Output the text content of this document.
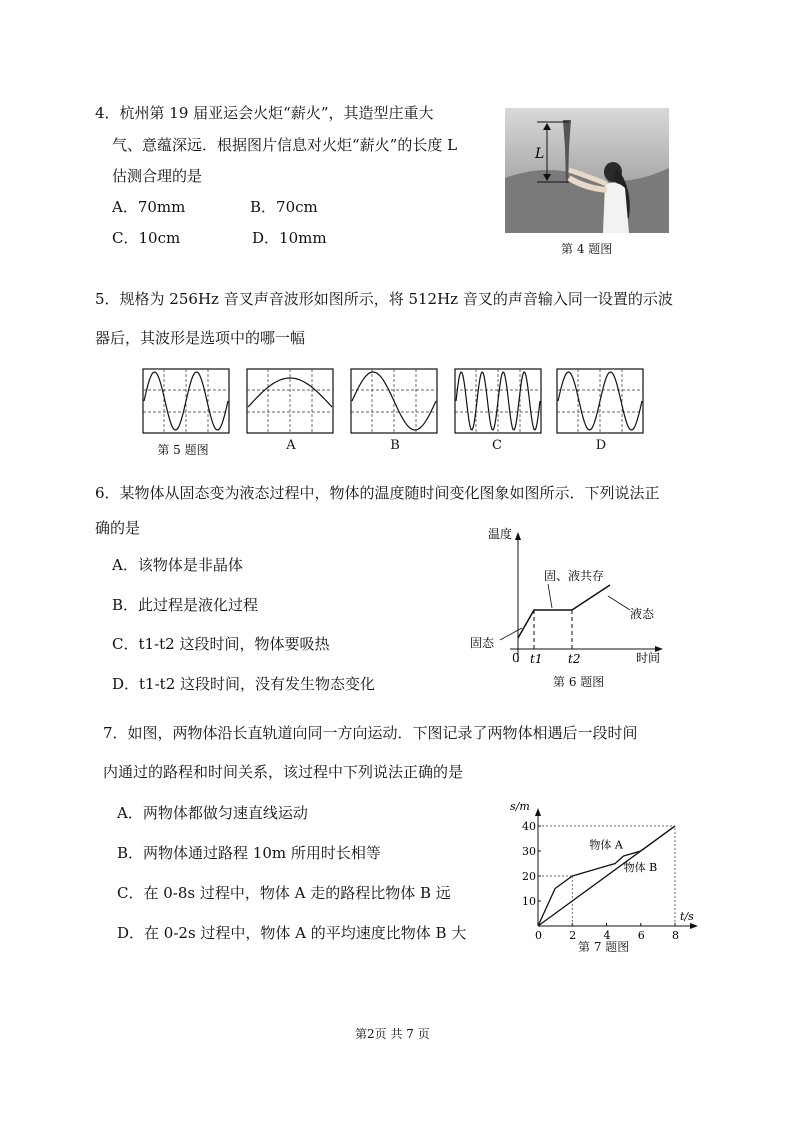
4．杭州第 19 届亚运会火炬“薪火”，其造型庄重大
气、意蕴深远．根据图片信息对火炬“薪火”的长度 L
估测合理的是
A．70mm	B．70cm
C．10cm	D．10mm
L
第 4 题图
5．规格为 256Hz 音叉声音波形如图所示，将 512Hz 音叉的声音输入同一设置的示波
器后，其波形是选项中的哪一幅
第 5 题图	A	B	C	D
6．某物体从固态变为液态过程中，物体的温度随时间变化图象如图所示．下列说法正
确的是
A．该物体是非晶体
B．此过程是液化过程
C．t1-t2 这段时间，物体要吸热
D．t1-t2 这段时间，没有发生物态变化
温度
时间
0 t1 t2
固态
固、液共存
液态
第 6 题图
7．如图，两物体沿长直轨道向同一方向运动．下图记录了两物体相遇后一段时间
内通过的路程和时间关系，该过程中下列说法正确的是
A．两物体都做匀速直线运动
B．两物体通过路程 10m 所用时长相等
C．在 0-8s 过程中，物体 A 走的路程比物体 B 远
D．在 0-2s 过程中，物体 A 的平均速度比物体 B 大
40
30
20
10
8
6
4
2
0
s/m
t/s
物体 A
物体 B
第 7 题图
第2页 共 7 页
